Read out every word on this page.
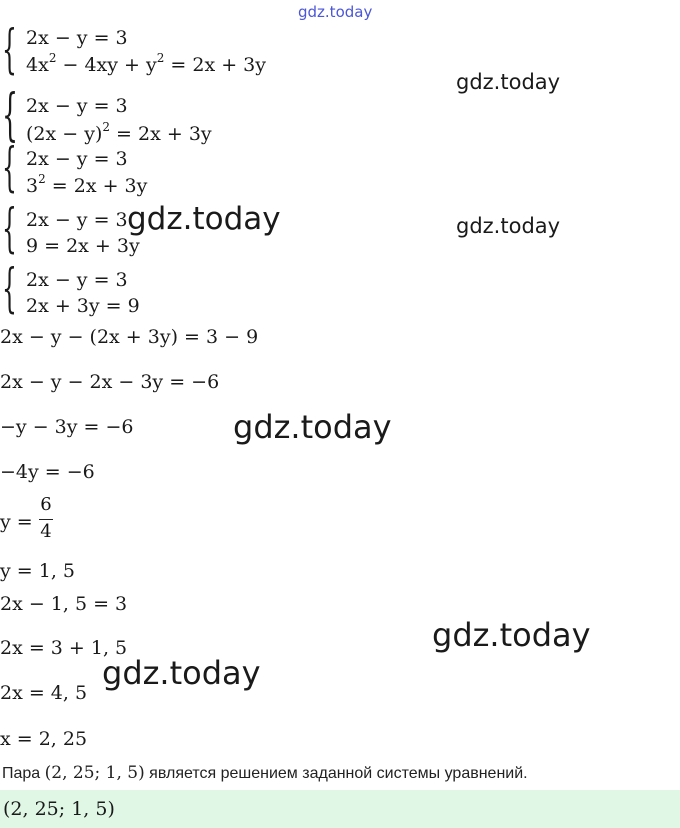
gdz.today
{ 2x − y = 3
$4x^2 - 4xy + y^2 = 2x + 3y$
gdz.today
{ 2x − y = 3
$(2x - y)^2 = 2x + 3y$
{ 2x − y = 3
$3^2 = 2x + 3y$
{ 2x − y = 3
9 = 2x + 3y
gdz.today	gdz.today
{ 2x − y = 3
2x + 3y = 9
2x − y − (2x + 3y) = 3 − 9
2x − y − 2x − 3y = −6
−y − 3y = −6	gdz.today
−4y = −6
y =
6
4
y = 1, 5
2x − 1, 5 = 3
2x = 3 + 1, 5	gdz.today
gdz.today
2x = 4, 5
x = 2, 25
Пара (2, 25; 1, 5) является решением заданной системы уравнений.
(2, 25; 1, 5)
